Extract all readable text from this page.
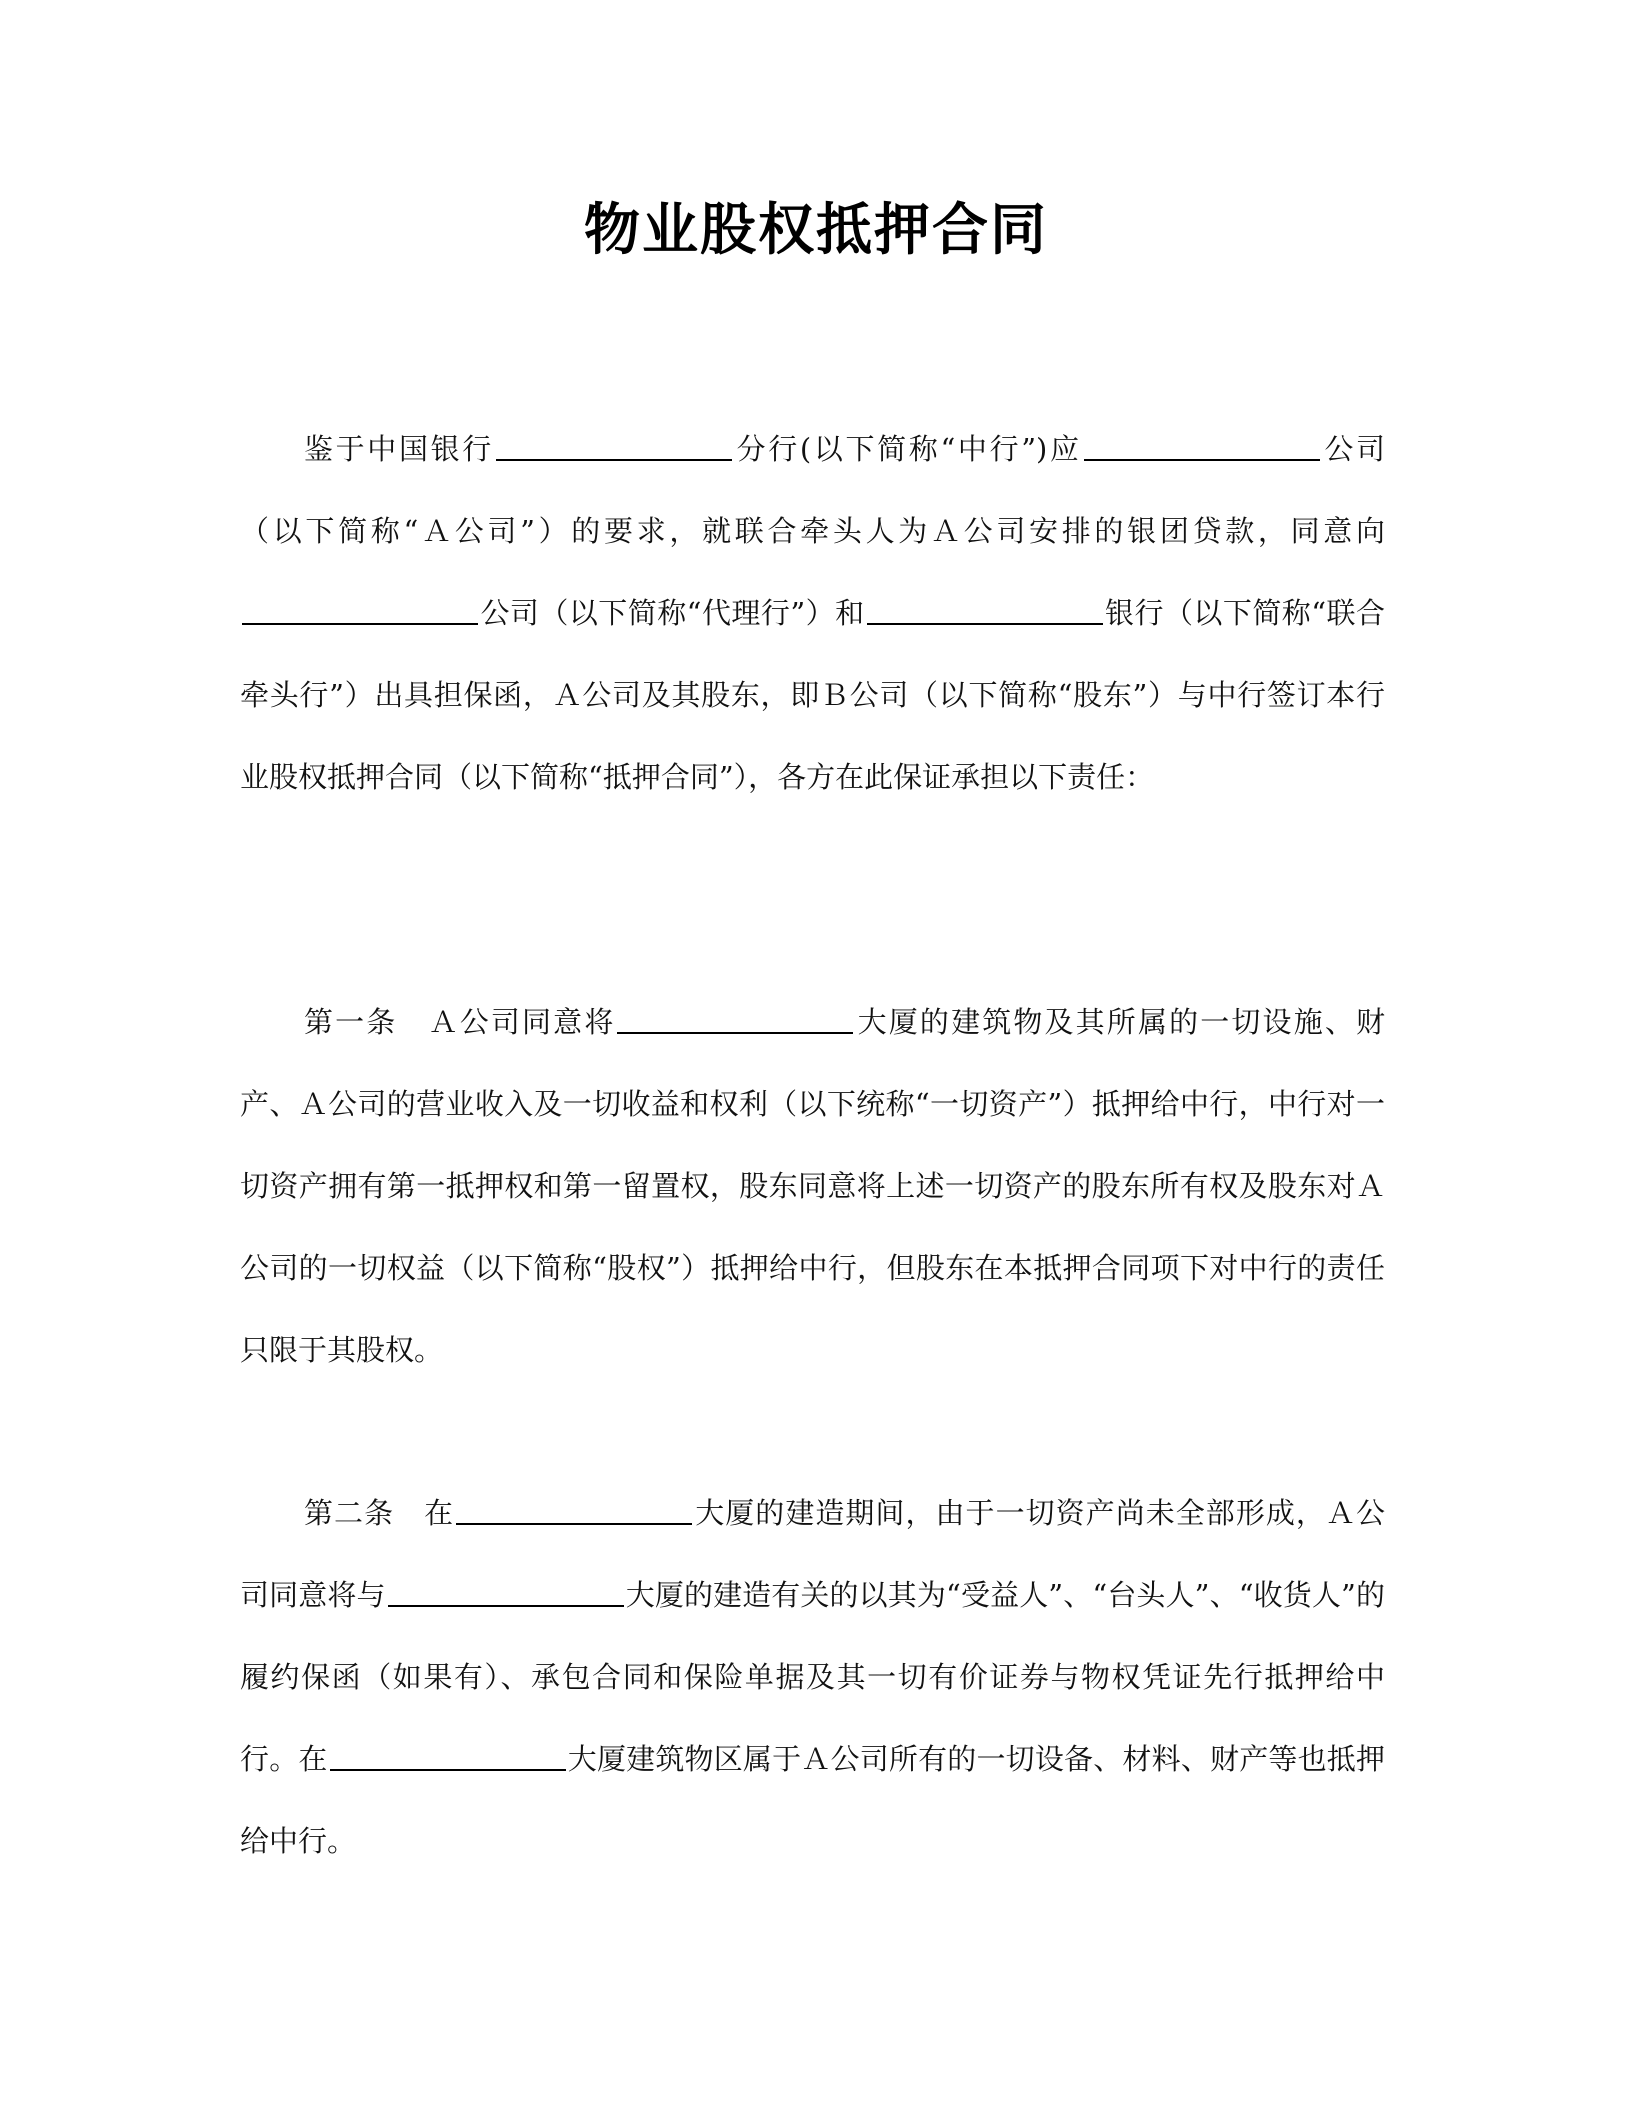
物业股权抵押合同

鉴于中国银行	分行(以下简称“中行”)应	公司（以下简称“Ａ公司”）的要求，就联合牵头人为Ａ公司安排的银团贷款，同意向公司（以下简称“代理行”）和	银行（以下简称“联合牵头行”）出具担保函，Ａ公司及其股东，即Ｂ公司（以下简称“股东”）与中行签订本行业股权抵押合同（以下简称“抵押合同”），各方在此保证承担以下责任：

第一条　Ａ公司同意将	大厦的建筑物及其所属的一切设施、财产、Ａ公司的营业收入及一切收益和权利（以下统称“一切资产”）抵押给中行，中行对一切资产拥有第一抵押权和第一留置权，股东同意将上述一切资产的股东所有权及股东对Ａ公司的一切权益（以下简称“股权”）抵押给中行，但股东在本抵押合同项下对中行的责任只限于其股权。

第二条　在	大厦的建造期间，由于一切资产尚未全部形成，Ａ公司同意将与	大厦的建造有关的以其为“受益人”、“台头人”、“收货人”的履约保函（如果有）、承包合同和保险单据及其一切有价证券与物权凭证先行抵押给中行。在	大厦建筑物区属于Ａ公司所有的一切设备、材料、财产等也抵押给中行。
